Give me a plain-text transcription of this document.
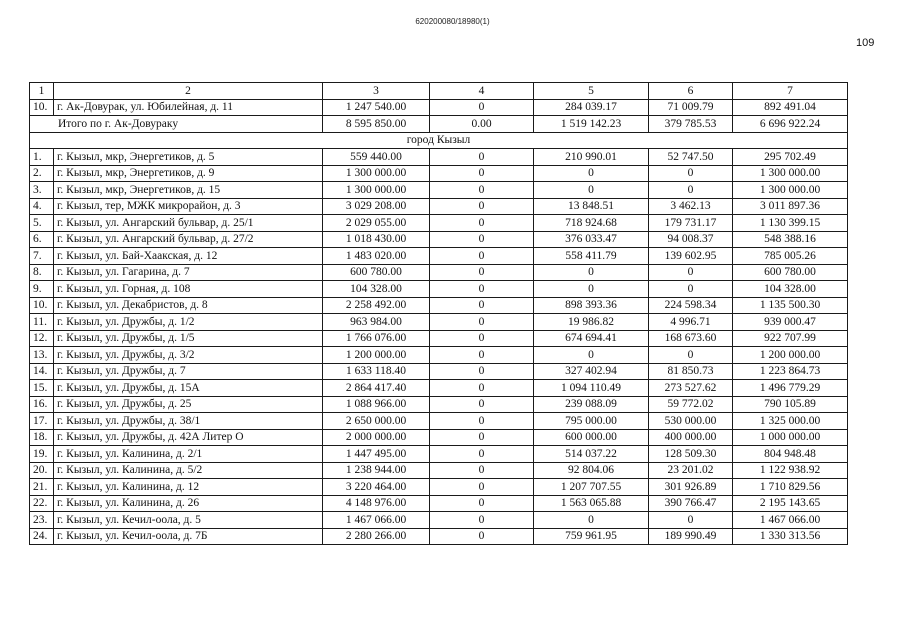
620200080/18980(1)
109
1	2	3	4	5	6	7
10.	г. Ак-Довурак, ул. Юбилейная, д. 11	1 247 540.00	0	284 039.17	71 009.79	892 491.04
Итого по г. Ак-Довураку		8 595 850.00	0.00	1 519 142.23	379 785.53	6 696 922.24
город Кызыл						
1.	г. Кызыл, мкр, Энергетиков, д. 5	559 440.00	0	210 990.01	52 747.50	295 702.49
2.	г. Кызыл, мкр, Энергетиков, д. 9	1 300 000.00	0	0	0	1 300 000.00
3.	г. Кызыл, мкр, Энергетиков, д. 15	1 300 000.00	0	0	0	1 300 000.00
4.	г. Кызыл, тер, МЖК микрорайон, д. 3	3 029 208.00	0	13 848.51	3 462.13	3 011 897.36
5.	г. Кызыл, ул. Ангарский бульвар, д. 25/1	2 029 055.00	0	718 924.68	179 731.17	1 130 399.15
6.	г. Кызыл, ул. Ангарский бульвар, д. 27/2	1 018 430.00	0	376 033.47	94 008.37	548 388.16
7.	г. Кызыл, ул. Бай-Хаакская, д. 12	1 483 020.00	0	558 411.79	139 602.95	785 005.26
8.	г. Кызыл, ул. Гагарина, д. 7	600 780.00	0	0	0	600 780.00
9.	г. Кызыл, ул. Горная, д. 108	104 328.00	0	0	0	104 328.00
10.	г. Кызыл, ул. Декабристов, д. 8	2 258 492.00	0	898 393.36	224 598.34	1 135 500.30
11.	г. Кызыл, ул. Дружбы, д. 1/2	963 984.00	0	19 986.82	4 996.71	939 000.47
12.	г. Кызыл, ул. Дружбы, д. 1/5	1 766 076.00	0	674 694.41	168 673.60	922 707.99
13.	г. Кызыл, ул. Дружбы, д. 3/2	1 200 000.00	0	0	0	1 200 000.00
14.	г. Кызыл, ул. Дружбы, д. 7	1 633 118.40	0	327 402.94	81 850.73	1 223 864.73
15.	г. Кызыл, ул. Дружбы, д. 15А	2 864 417.40	0	1 094 110.49	273 527.62	1 496 779.29
16.	г. Кызыл, ул. Дружбы, д. 25	1 088 966.00	0	239 088.09	59 772.02	790 105.89
17.	г. Кызыл, ул. Дружбы, д. 38/1	2 650 000.00	0	795 000.00	530 000.00	1 325 000.00
18.	г. Кызыл, ул. Дружбы, д. 42А Литер О	2 000 000.00	0	600 000.00	400 000.00	1 000 000.00
19.	г. Кызыл, ул. Калинина, д. 2/1	1 447 495.00	0	514 037.22	128 509.30	804 948.48
20.	г. Кызыл, ул. Калинина, д. 5/2	1 238 944.00	0	92 804.06	23 201.02	1 122 938.92
21.	г. Кызыл, ул. Калинина, д. 12	3 220 464.00	0	1 207 707.55	301 926.89	1 710 829.56
22.	г. Кызыл, ул. Калинина, д. 26	4 148 976.00	0	1 563 065.88	390 766.47	2 195 143.65
23.	г. Кызыл, ул. Кечил-оола, д. 5	1 467 066.00	0	0	0	1 467 066.00
24.	г. Кызыл, ул. Кечил-оола, д. 7Б	2 280 266.00	0	759 961.95	189 990.49	1 330 313.56
